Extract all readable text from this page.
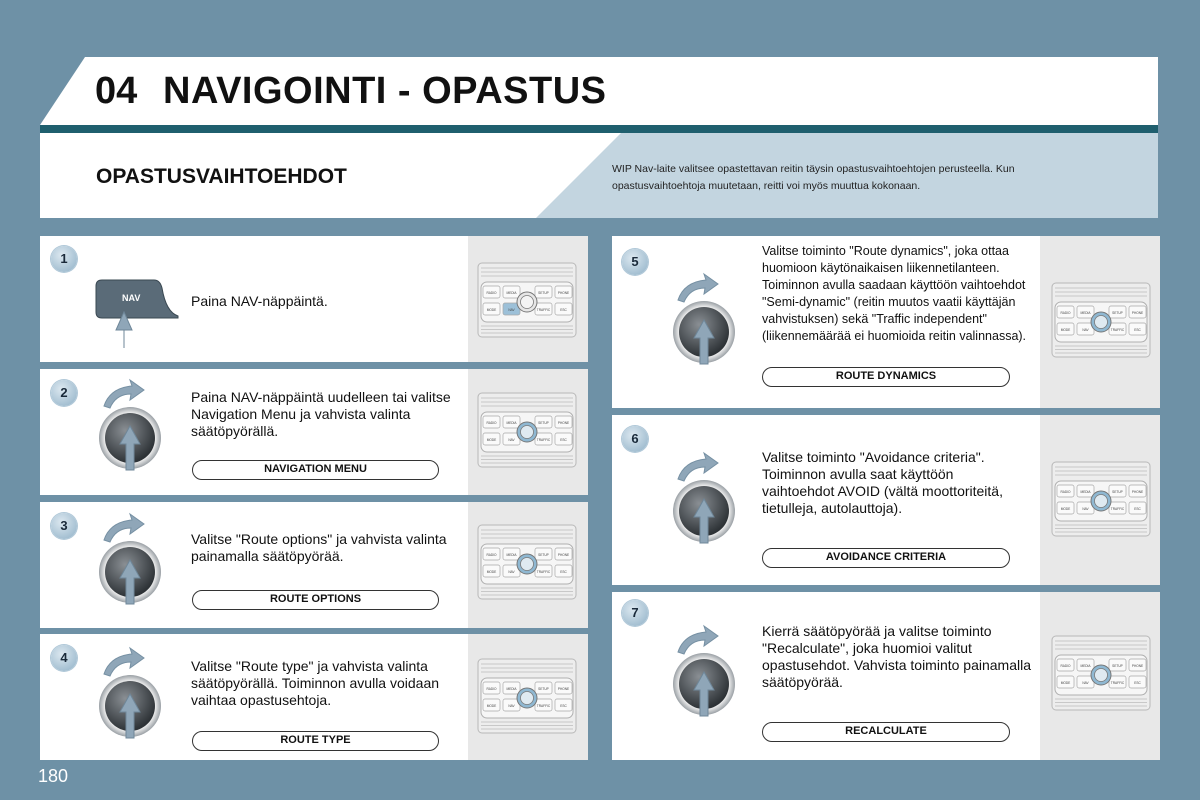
04 NAVIGOINTI - OPASTUS
OPASTUSVAIHTOEHDOT	WIP Nav-laite valitsee opastettavan reitin täysin opastusvaihtoehtojen perusteella. Kun opastusvaihtoehtoja muutetaan, reitti voi myös muuttua kokonaan.
1
2
3
4
5
6
7
NAV	Paina NAV-näppäintä.
Paina NAV-näppäintä uudelleen tai valitse Navigation Menu ja vahvista valinta säätöpyörällä.
Valitse "Route options" ja vahvista valinta painamalla säätöpyörää.
Valitse "Route type" ja vahvista valinta säätöpyörällä. Toiminnon avulla voidaan vaihtaa opastusehtoja.
Valitse toiminto "Route dynamics", joka ottaa huomioon käytönaikaisen liikennetilanteen. Toiminnon avulla saadaan käyttöön vaihtoehdot "Semi-dynamic" (reitin muutos vaatii käyttäjän vahvistuksen) sekä "Traffic independent" (liikennemäärää ei huomioida reitin valinnassa).
Valitse toiminto "Avoidance criteria". Toiminnon avulla saat käyttöön vaihtoehdot AVOID (vältä moottoriteitä, tietulleja, autolauttoja).
Kierrä säätöpyörää ja valitse toiminto "Recalculate", joka huomioi valitut opastusehdot. Vahvista toiminto painamalla säätöpyörää.
NAVIGATION MENU
ROUTE OPTIONS
ROUTE TYPE
ROUTE DYNAMICS
AVOIDANCE CRITERIA
RECALCULATE
180
RADIO	MEDIA	SETUP	PHONE
MODE	NAV	TRAFFIC	ESC
RADIO	MEDIA	SETUP	PHONE
MODE	NAV	TRAFFIC	ESC
RADIO	MEDIA	SETUP	PHONE
MODE	NAV	TRAFFIC	ESC
RADIO	MEDIA	SETUP	PHONE
MODE	NAV	TRAFFIC	ESC
RADIO	MEDIA	SETUP	PHONE
MODE	NAV	TRAFFIC	ESC
RADIO	MEDIA	SETUP	PHONE
MODE	NAV	TRAFFIC	ESC
RADIO	MEDIA	SETUP	PHONE
MODE	NAV	TRAFFIC	ESC
